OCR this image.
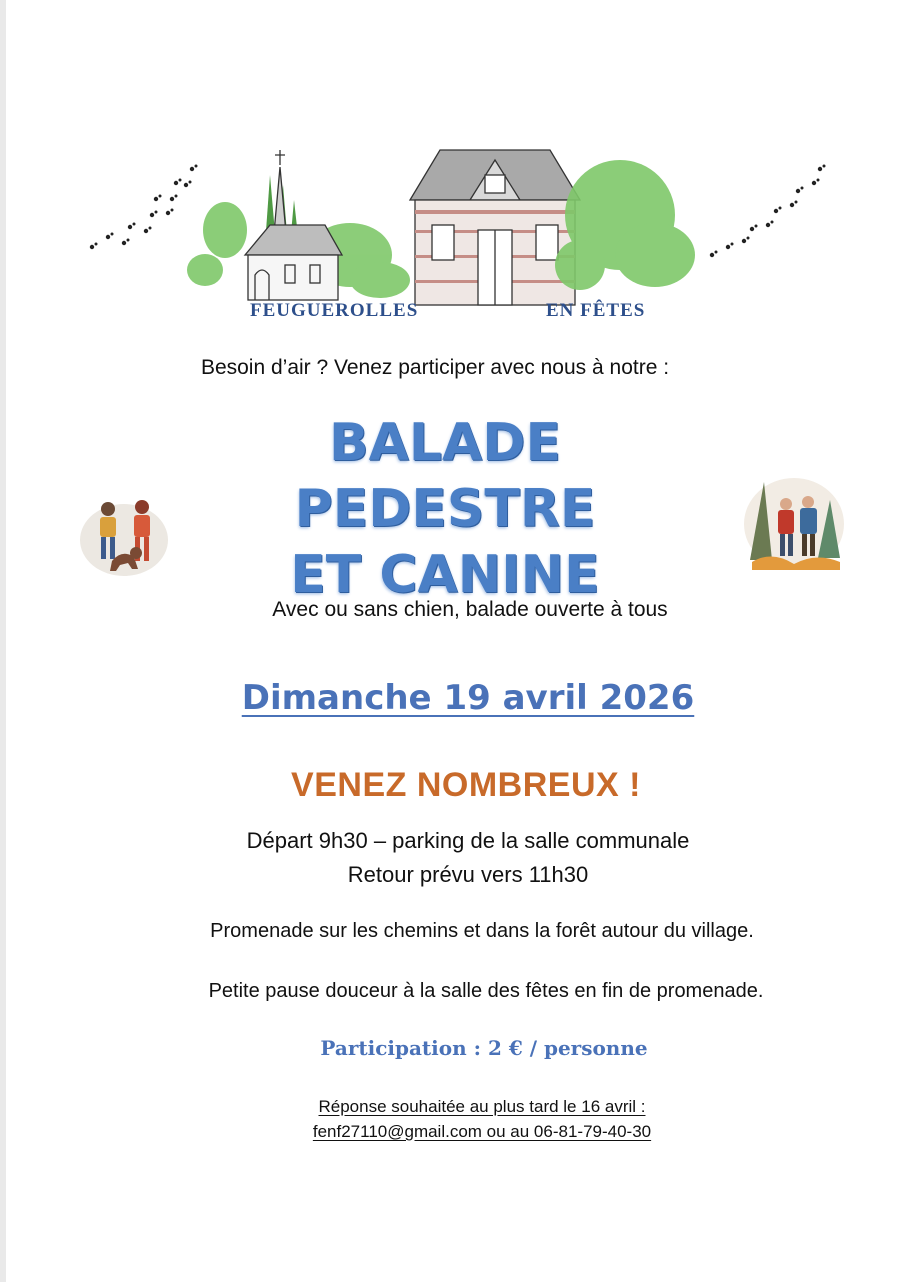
FEUGUEROLLES	EN FÊTES
Besoin d’air ? Venez participer avec nous à notre :
BALADE PEDESTRE
ET CANINE
Avec ou sans chien, balade ouverte à tous
Dimanche 19 avril 2026
VENEZ NOMBREUX !
Départ 9h30 – parking de la salle communale
Retour prévu vers 11h30
Promenade sur les chemins et dans la forêt autour du village.
Petite pause douceur à la salle des fêtes en fin de promenade.
Participation : 2 € / personne
Réponse souhaitée au plus tard le 16 avril :
fenf27110@gmail.com ou au 06-81-79-40-30
